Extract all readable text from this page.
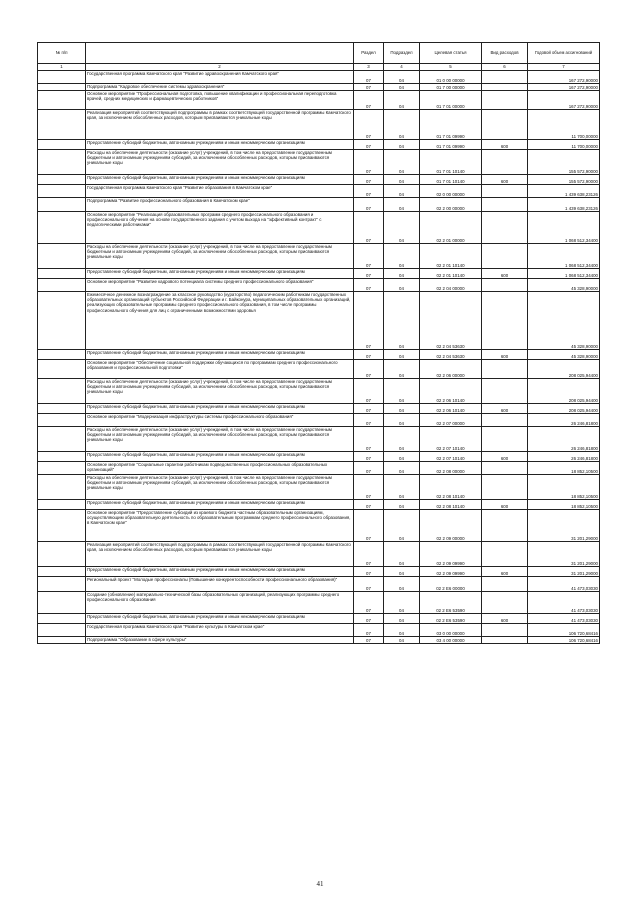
№ п/п		Раздел	Подраздел	Целевая статья	Вид расходов	Годовой объем ассигнований
1	2	3	4	5	6	7
	Государственная программа Камчатского края "Развитие здравоохранения Камчатского края"	07	04	01 0 00 00000		167 272,90000
	Подпрограмма "Кадровое обеспечение системы здравоохранения"	07	04	01 7 00 00000		167 272,90000
	Основное мероприятие "Профессиональная подготовка, повышение квалификации и профессиональная переподготовка врачей, средних медицинских и фармацевтических работников"	07	04	01 7 01 00000		167 272,90000
	Реализация мероприятий соответствующей подпрограммы в рамках соответствующей государственной программы Камчатского края, за исключением обособленных расходов, которым присваиваются уникальные коды	07	04	01 7 01 09990		11 700,00000
	Предоставление субсидий бюджетным, автономным учреждениям и иным некоммерческим организациям	07	04	01 7 01 09990	600	11 700,00000
	Расходы на обеспечение деятельности (оказание услуг) учреждений, в том числе на предоставление государственным бюджетным и автономным учреждениям субсидий, за исключением обособленных расходов, которым присваиваются уникальные коды	07	04	01 7 01 10140		155 572,90000
	Предоставление субсидий бюджетным, автономным учреждениям и иным некоммерческим организациям	07	04	01 7 01 10140	600	155 572,90000
	Государственная программа Камчатского края "Развитие образования в Камчатском крае"	07	04	02 0 00 00000		1 439 638,23126
	Подпрограмма "Развитие профессионального образования в Камчатском крае"	07	04	02 2 00 00000		1 439 638,23126
	Основное мероприятие "Реализация образовательных программ среднего профессионального образования и профессионального обучения на основе государственного задания с учетом выхода на "эффективный контракт" с педагогическими работниками"	07	04	02 2 01 00000		1 068 512,34400
	Расходы на обеспечение деятельности (оказание услуг) учреждений, в том числе на предоставление государственным бюджетным и автономным учреждениям субсидий, за исключением обособленных расходов, которым присваиваются уникальные коды	07	04	02 2 01 10140		1 068 512,34400
	Предоставление субсидий бюджетным, автономным учреждениям и иным некоммерческим организациям	07	04	02 2 01 10140	600	1 068 512,34400
	Основное мероприятие "Развитие кадрового потенциала системы среднего профессионального образования"	07	04	02 2 04 00000		45 328,90000
	Ежемесячное денежное вознаграждение за классное руководство (кураторство) педагогическим работникам государственных образовательных организаций субъектов Российской Федерации и г. Байконура, муниципальных образовательных организаций, реализующих образовательные программы среднего профессионального образования, в том числе программы профессионального обучения для лиц с ограниченными возможностями здоровья	07	04	02 2 04 53630		45 328,90000
	Предоставление субсидий бюджетным, автономным учреждениям и иным некоммерческим организациям	07	04	02 2 04 53630	600	45 328,90000
	Основное мероприятие "Обеспечение социальной поддержки обучающихся по программам среднего профессионального образования и профессиональной подготовки"	07	04	02 2 06 00000		208 025,94400
	Расходы на обеспечение деятельности (оказание услуг) учреждений, в том числе на предоставление государственным бюджетным и автономным учреждениям субсидий, за исключением обособленных расходов, которым присваиваются уникальные коды	07	04	02 2 06 10140		208 025,94400
	Предоставление субсидий бюджетным, автономным учреждениям и иным некоммерческим организациям	07	04	02 2 06 10140	600	208 025,94400
	Основное мероприятие "Модернизация инфраструктуры системы профессионального образования"	07	04	02 2 07 00000		26 246,81800
	Расходы на обеспечение деятельности (оказание услуг) учреждений, в том числе на предоставление государственным бюджетным и автономным учреждениям субсидий, за исключением обособленных расходов, которым присваиваются уникальные коды	07	04	02 2 07 10140		26 246,81800
	Предоставление субсидий бюджетным, автономным учреждениям и иным некоммерческим организациям	07	04	02 2 07 10140	600	26 246,81800
	Основное мероприятие "Социальные гарантии работникам подведомственных профессиональных образовательных организаций"	07	04	02 2 08 00000		18 852,10500
	Расходы на обеспечение деятельности (оказание услуг) учреждений, в том числе на предоставление государственным бюджетным и автономным учреждениям субсидий, за исключением обособленных расходов, которым присваиваются уникальные коды	07	04	02 2 08 10140		18 852,10500
	Предоставление субсидий бюджетным, автономным учреждениям и иным некоммерческим организациям	07	04	02 2 08 10140	600	18 852,10500
	Основное мероприятие "Предоставление субсидий из краевого бюджета частным образовательным организациям, осуществляющим образовательную деятельность по образовательным программам среднего профессионального образования, в Камчатском крае"	07	04	02 2 09 00000		31 201,29000
	Реализация мероприятий соответствующей подпрограммы в рамках соответствующей государственной программы Камчатского края, за исключением обособленных расходов, которым присваиваются уникальные коды	07	04	02 2 09 09990		31 201,29000
	Предоставление субсидий бюджетным, автономным учреждениям и иным некоммерческим организациям	07	04	02 2 09 09990	600	31 201,29000
	Региональный проект "Молодые профессионалы (Повышение конкурентоспособности профессионального образования)"	07	04	02 2 E6 00000		41 473,03030
	Создание (обновление) материально-технической базы образовательных организаций, реализующих программы среднего профессионального образования	07	04	02 2 E6 53590		41 473,03030
	Предоставление субсидий бюджетным, автономным учреждениям и иным некоммерческим организациям	07	04	02 2 E6 53590	600	41 473,03030
	Государственная программа Камчатского края "Развитие культуры в Камчатском крае"	07	04	03 0 00 00000		106 720,68416
	Подпрограмма "Образование в сфере культуры"	07	04	03 4 00 00000		106 720,68416
41
